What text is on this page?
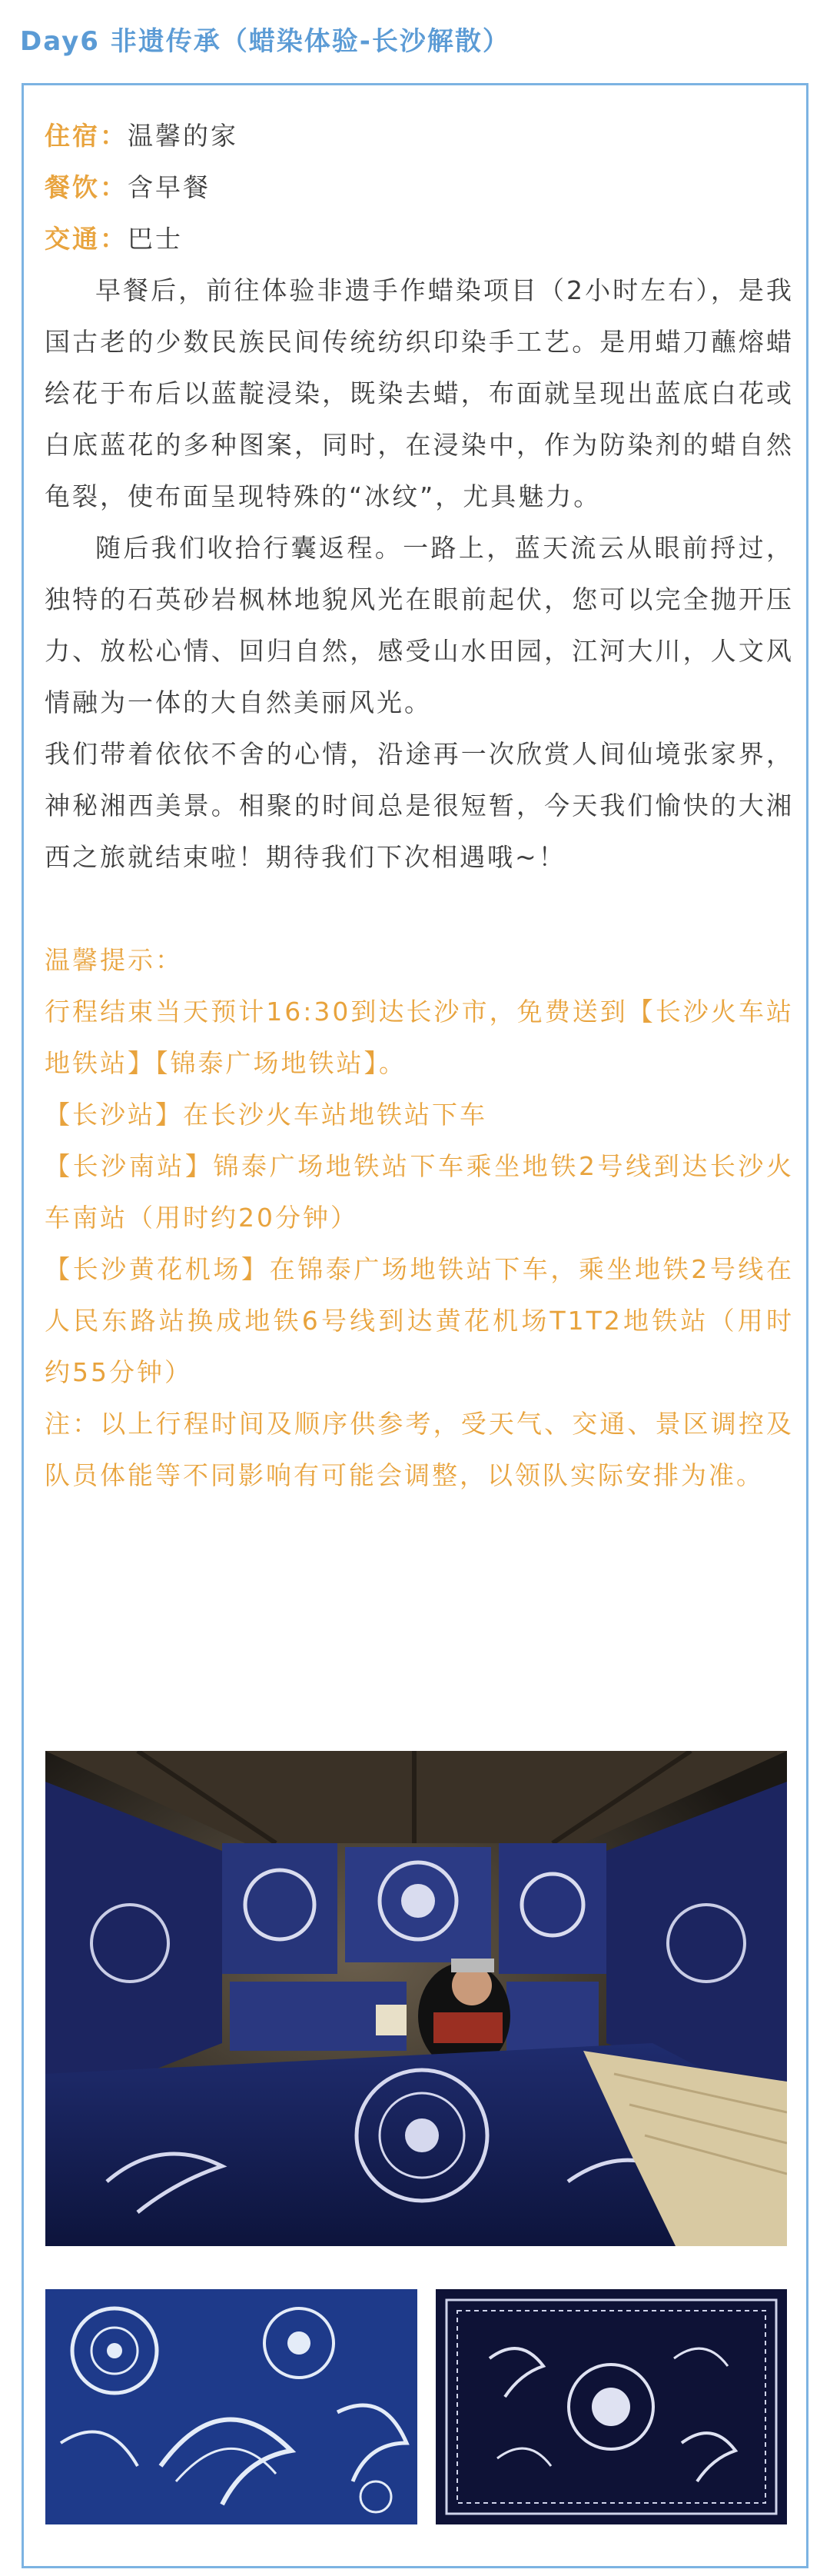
Day6 非遗传承（蜡染体验-长沙解散）
住宿：温馨的家
餐饮：含早餐
交通：巴士

早餐后，前往体验非遗手作蜡染项目（2小时左右），是我国古老的少数民族民间传统纺织印染手工艺。是用蜡刀蘸熔蜡绘花于布后以蓝靛浸染，既染去蜡，布面就呈现出蓝底白花或白底蓝花的多种图案，同时，在浸染中，作为防染剂的蜡自然龟裂，使布面呈现特殊的“冰纹”，尤具魅力。

随后我们收拾行囊返程。一路上，蓝天流云从眼前捋过，独特的石英砂岩枫林地貌风光在眼前起伏，您可以完全抛开压力、放松心情、回归自然，感受山水田园，江河大川，人文风情融为一体的大自然美丽风光。

我们带着依依不舍的心情，沿途再一次欣赏人间仙境张家界，神秘湘西美景。相聚的时间总是很短暂，今天我们愉快的大湘西之旅就结束啦！期待我们下次相遇哦~！

温馨提示：

行程结束当天预计16:30到达长沙市，免费送到【长沙火车站地铁站】【锦泰广场地铁站】。

【长沙站】在长沙火车站地铁站下车

【长沙南站】锦泰广场地铁站下车乘坐地铁2号线到达长沙火车南站（用时约20分钟）

【长沙黄花机场】在锦泰广场地铁站下车，乘坐地铁2号线在人民东路站换成地铁6号线到达黄花机场T1T2地铁站（用时约55分钟）

注：以上行程时间及顺序供参考，受天气、交通、景区调控及队员体能等不同影响有可能会调整，以领队实际安排为准。
